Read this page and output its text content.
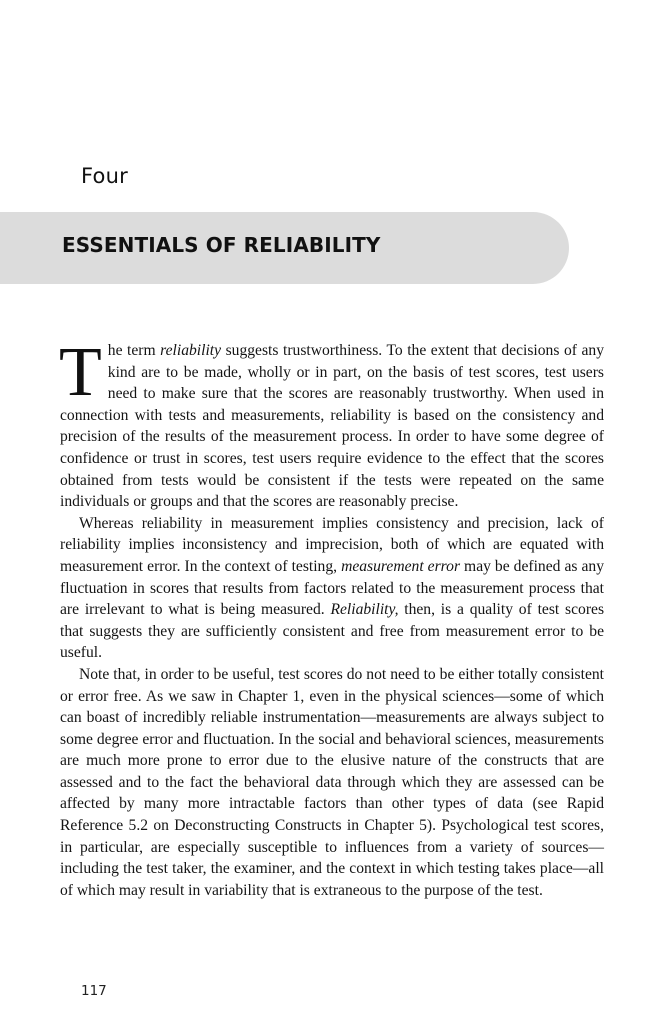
Four
ESSENTIALS OF RELIABILITY

The term reliability suggests trustworthiness. To the extent that decisions of any kind are to be made, wholly or in part, on the basis of test scores, test users need to make sure that the scores are reasonably trustworthy. When used in connection with tests and measurements, reliability is based on the consistency and precision of the results of the measurement process. In order to have some degree of confidence or trust in scores, test users require evidence to the effect that the scores obtained from tests would be consistent if the tests were repeated on the same individuals or groups and that the scores are reasonably precise.

Whereas reliability in measurement implies consistency and precision, lack of reliability implies inconsistency and imprecision, both of which are equated with measurement error. In the context of testing, measurement error may be defined as any fluctuation in scores that results from factors related to the measurement process that are irrelevant to what is being measured. Reliability, then, is a quality of test scores that suggests they are sufficiently consistent and free from measurement error to be useful.

Note that, in order to be useful, test scores do not need to be either totally consistent or error free. As we saw in Chapter 1, even in the physical sciences—some of which can boast of incredibly reliable instrumentation—measurements are always subject to some degree error and fluctuation. In the social and behavioral sciences, measurements are much more prone to error due to the elusive nature of the constructs that are assessed and to the fact the behavioral data through which they are assessed can be affected by many more intractable factors than other types of data (see Rapid Reference 5.2 on Deconstructing Constructs in Chapter 5). Psychological test scores, in particular, are especially susceptible to influences from a variety of sources—including the test taker, the examiner, and the context in which testing takes place—all of which may result in variability that is extraneous to the purpose of the test.

117
